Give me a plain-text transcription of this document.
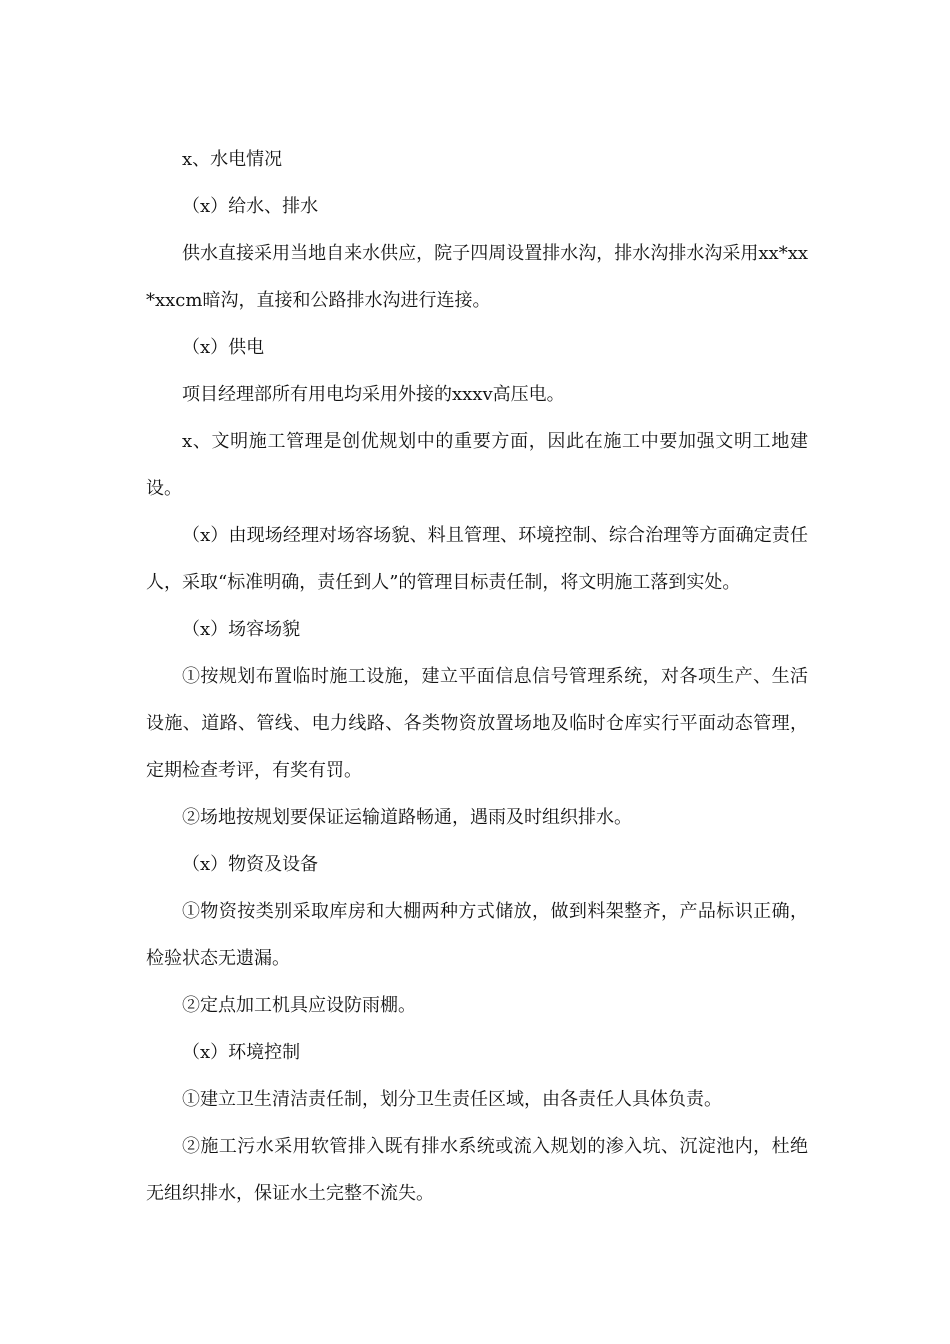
x、水电情况

（x）给水、排水

供水直接采用当地自来水供应，院子四周设置排水沟，排水沟排水沟采用xx*xx*xxcm暗沟，直接和公路排水沟进行连接。

（x）供电

项目经理部所有用电均采用外接的xxxv高压电。

x、文明施工管理是创优规划中的重要方面，因此在施工中要加强文明工地建设。

（x）由现场经理对场容场貌、料且管理、环境控制、综合治理等方面确定责任人，采取“标准明确，责任到人”的管理目标责任制，将文明施工落到实处。

（x）场容场貌

①按规划布置临时施工设施，建立平面信息信号管理系统，对各项生产、生活设施、道路、管线、电力线路、各类物资放置场地及临时仓库实行平面动态管理，定期检查考评，有奖有罚。

②场地按规划要保证运输道路畅通，遇雨及时组织排水。

（x）物资及设备

①物资按类别采取库房和大棚两种方式储放，做到料架整齐，产品标识正确，检验状态无遗漏。

②定点加工机具应设防雨棚。

（x）环境控制

①建立卫生清洁责任制，划分卫生责任区域，由各责任人具体负责。

②施工污水采用软管排入既有排水系统或流入规划的渗入坑、沉淀池内，杜绝无组织排水，保证水土完整不流失。
